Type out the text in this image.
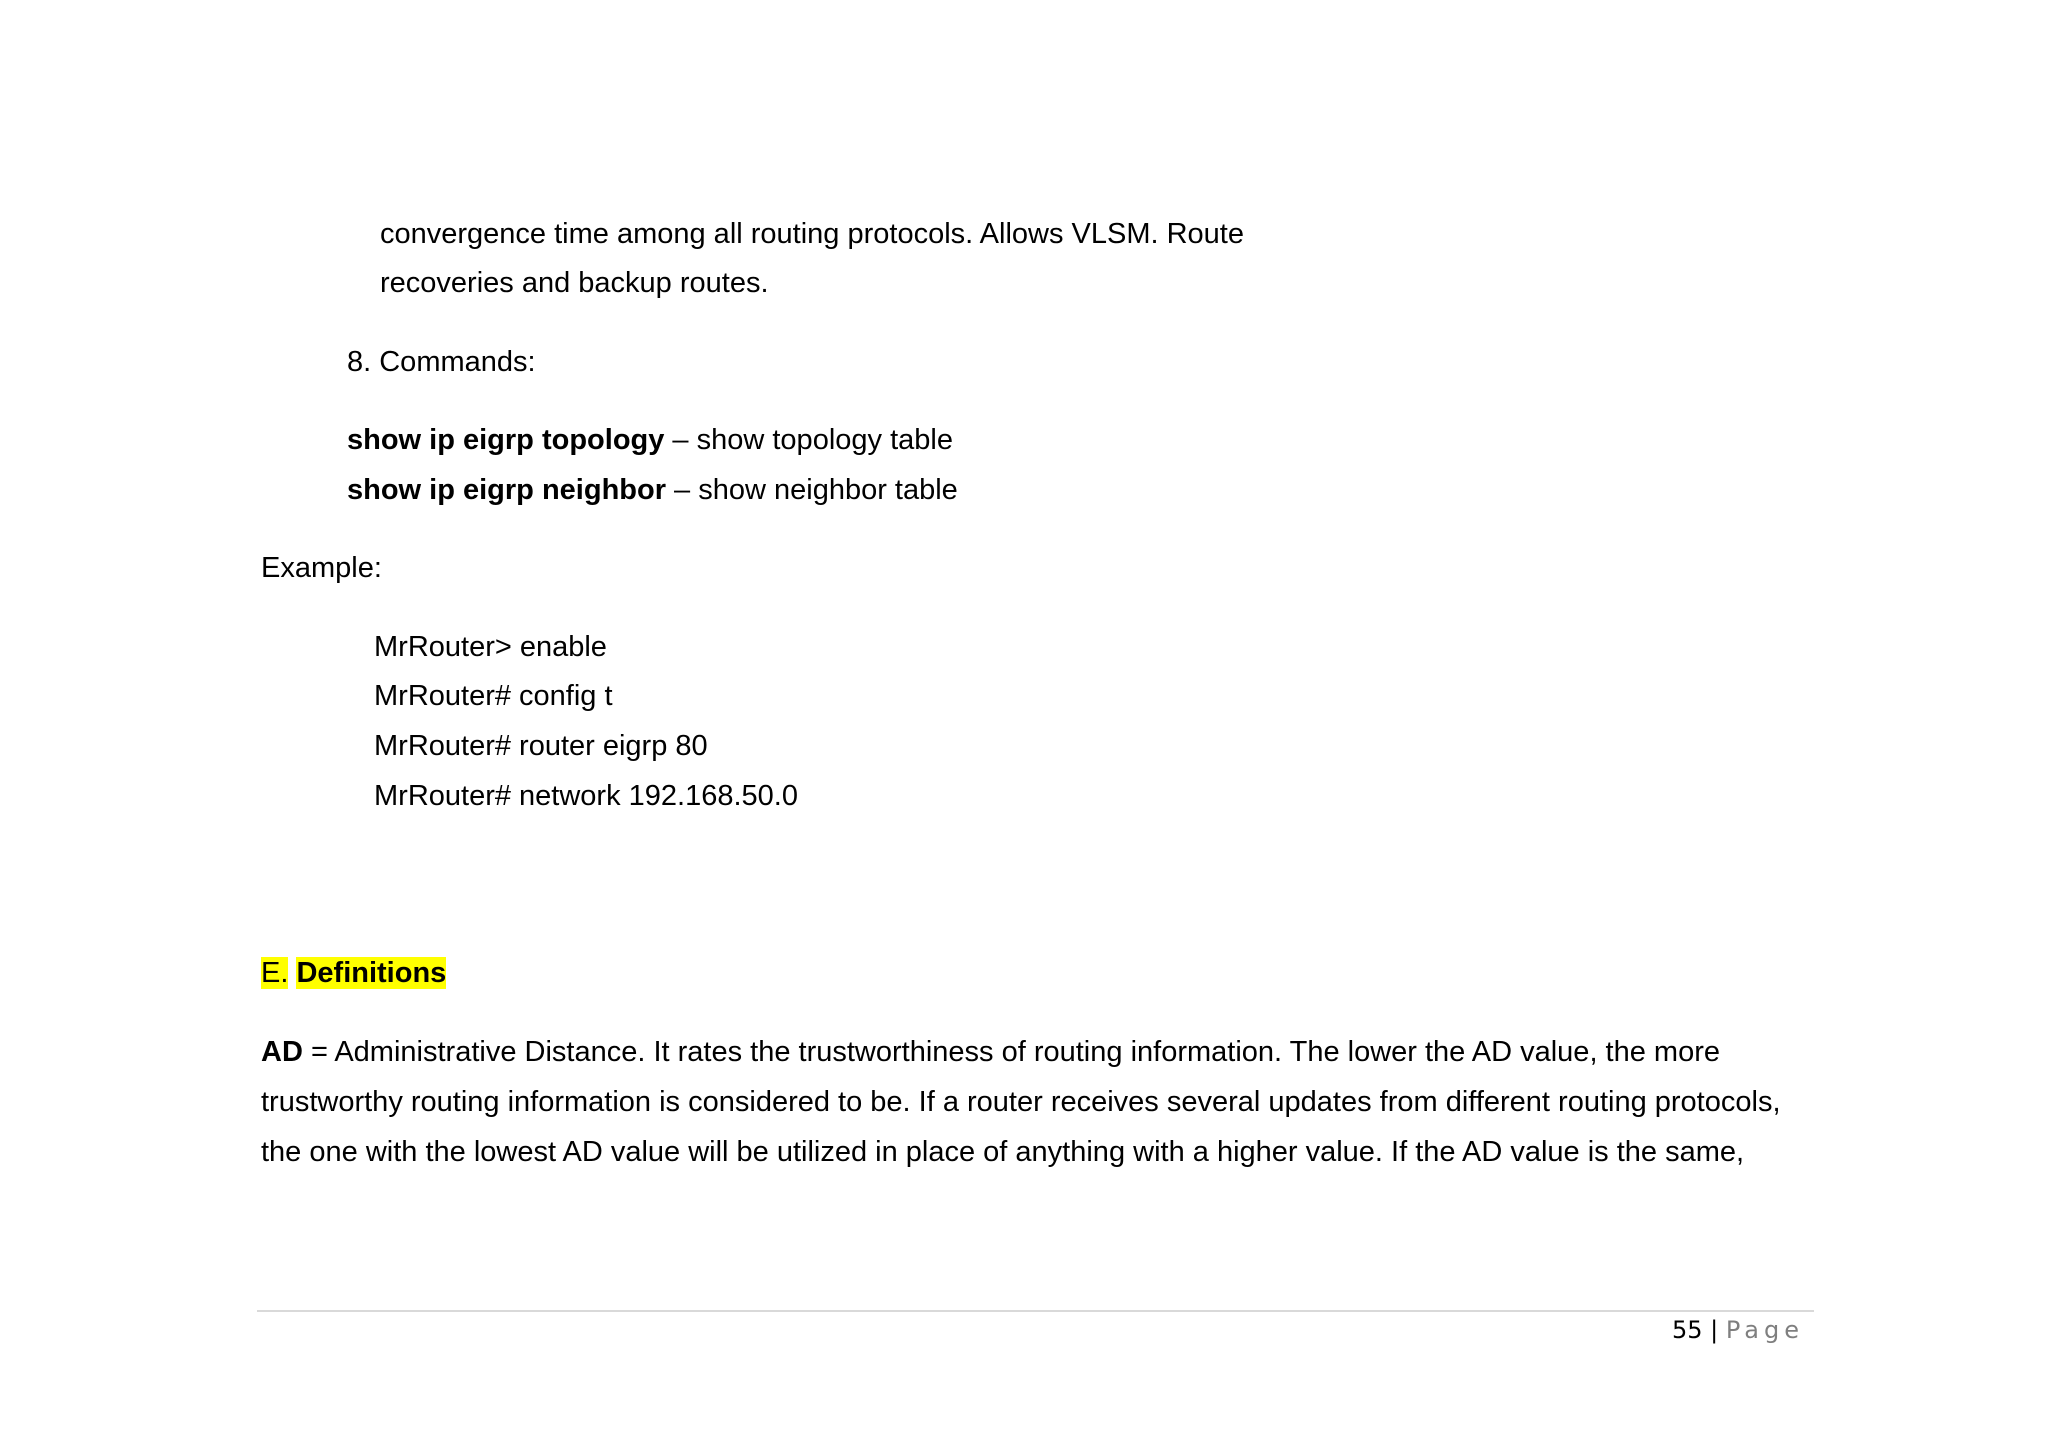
convergence time among all routing protocols. Allows VLSM. Route
recoveries and backup routes.
8. Commands:
show ip eigrp topology – show topology table
show ip eigrp neighbor – show neighbor table
Example:
MrRouter> enable
MrRouter# config t
MrRouter# router eigrp 80
MrRouter# network 192.168.50.0
E. Definitions
AD = Administrative Distance. It rates the trustworthiness of routing information. The lower the AD value, the more
trustworthy routing information is considered to be. If a router receives several updates from different routing protocols,
the one with the lowest AD value will be utilized in place of anything with a higher value. If the AD value is the same,
55 | Page
